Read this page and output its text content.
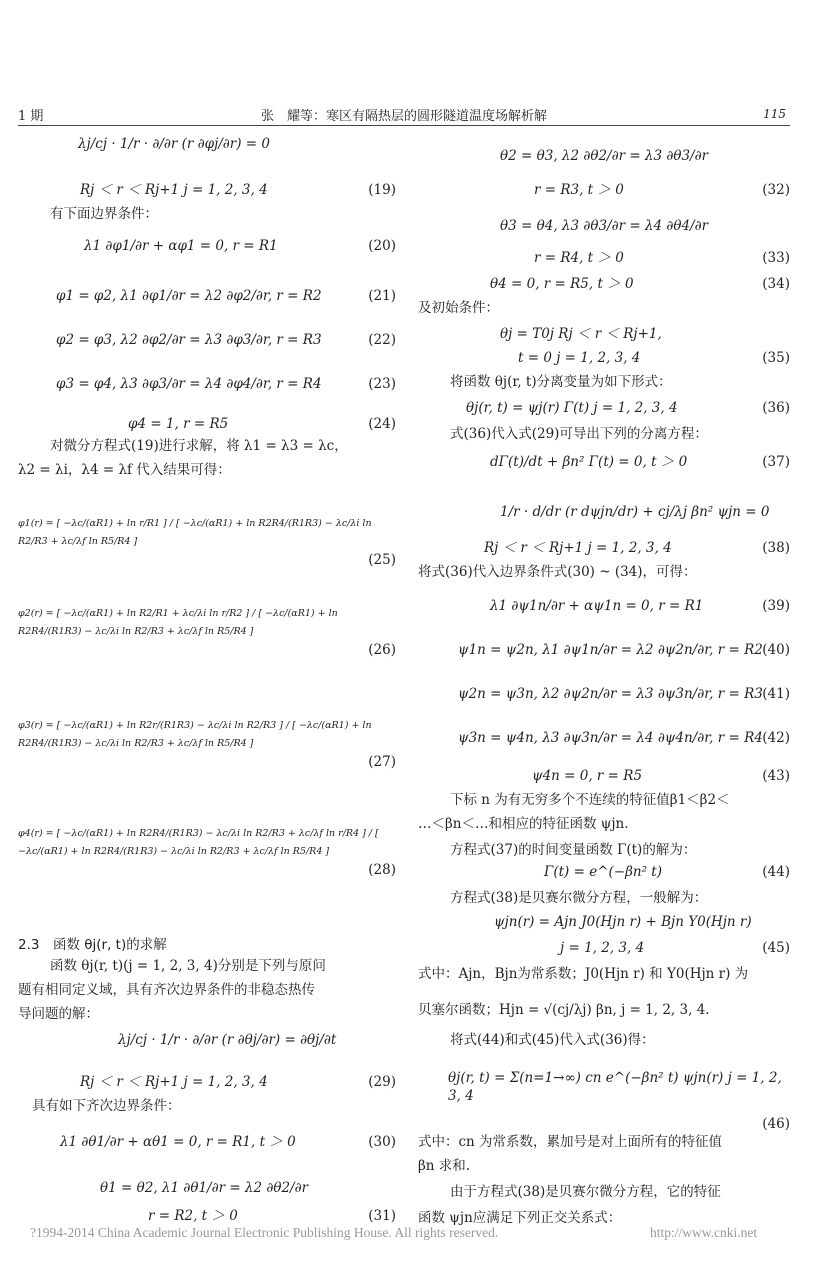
1 期	张　耀等：寒区有隔热层的圆形隧道温度场解析解	115
λj/cj · 1/r · ∂/∂r (r ∂φj/∂r) = 0
Rj ＜ r ＜ Rj+1 j = 1, 2, 3, 4	(19)
有下面边界条件：
λ1 ∂φ1/∂r + αφ1 = 0, r = R1	(20)
φ1 = φ2, λ1 ∂φ1/∂r = λ2 ∂φ2/∂r, r = R2	(21)
φ2 = φ3, λ2 ∂φ2/∂r = λ3 ∂φ3/∂r, r = R3	(22)
φ3 = φ4, λ3 ∂φ3/∂r = λ4 ∂φ4/∂r, r = R4	(23)
φ4 = 1, r = R5	(24)
对微分方程式(19)进行求解，将 λ1 = λ3 = λc，
λ2 = λi，λ4 = λf 代入结果可得：
φ1(r) = [ −λc/(αR1) + ln r/R1 ] / [ −λc/(αR1) + ln R2R4/(R1R3) − λc/λi ln R2/R3 + λc/λf ln R5/R4 ]
(25)
φ2(r) = [ −λc/(αR1) + ln R2/R1 + λc/λi ln r/R2 ] / [ −λc/(αR1) + ln R2R4/(R1R3) − λc/λi ln R2/R3 + λc/λf ln R5/R4 ]
(26)
φ3(r) = [ −λc/(αR1) + ln R2r/(R1R3) − λc/λi ln R2/R3 ] / [ −λc/(αR1) + ln R2R4/(R1R3) − λc/λi ln R2/R3 + λc/λf ln R5/R4 ]
(27)
φ4(r) = [ −λc/(αR1) + ln R2R4/(R1R3) − λc/λi ln R2/R3 + λc/λf ln r/R4 ] / [ −λc/(αR1) + ln R2R4/(R1R3) − λc/λi ln R2/R3 + λc/λf ln R5/R4 ]
(28)
2.3　函数 θj(r, t)的求解
函数 θj(r, t)(j = 1, 2, 3, 4)分别是下列与原问
题有相同定义域，具有齐次边界条件的非稳态热传
导问题的解：
λj/cj · 1/r · ∂/∂r (r ∂θj/∂r) = ∂θj/∂t
Rj ＜ r ＜ Rj+1 j = 1, 2, 3, 4	(29)
具有如下齐次边界条件：
λ1 ∂θ1/∂r + αθ1 = 0, r = R1, t ＞ 0	(30)
θ1 = θ2, λ1 ∂θ1/∂r = λ2 ∂θ2/∂r
r = R2, t ＞ 0	(31)
θ2 = θ3, λ2 ∂θ2/∂r = λ3 ∂θ3/∂r
r = R3, t ＞ 0	(32)
θ3 = θ4, λ3 ∂θ3/∂r = λ4 ∂θ4/∂r
r = R4, t ＞ 0	(33)
θ4 = 0, r = R5, t ＞ 0	(34)
及初始条件：
θj = T0j Rj ＜ r ＜ Rj+1,
t = 0 j = 1, 2, 3, 4	(35)
将函数 θj(r, t)分离变量为如下形式：
θj(r, t) = ψj(r) Γ(t) j = 1, 2, 3, 4	(36)
式(36)代入式(29)可导出下列的分离方程：
dΓ(t)/dt + βn² Γ(t) = 0, t ＞ 0	(37)
1/r · d/dr (r dψjn/dr) + cj/λj βn² ψjn = 0
Rj ＜ r ＜ Rj+1 j = 1, 2, 3, 4	(38)
将式(36)代入边界条件式(30) ~ (34)，可得：
λ1 ∂ψ1n/∂r + αψ1n = 0, r = R1	(39)
ψ1n = ψ2n, λ1 ∂ψ1n/∂r = λ2 ∂ψ2n/∂r, r = R2 (40)
ψ2n = ψ3n, λ2 ∂ψ2n/∂r = λ3 ∂ψ3n/∂r, r = R3 (41)
ψ3n = ψ4n, λ3 ∂ψ3n/∂r = λ4 ∂ψ4n/∂r, r = R4 (42)
ψ4n = 0, r = R5	(43)
下标 n 为有无穷多个不连续的特征值β1＜β2＜
…＜βn＜…和相应的特征函数 ψjn.
方程式(37)的时间变量函数 Γ(t)的解为：
Γ(t) = e^(−βn² t)	(44)
方程式(38)是贝赛尔微分方程，一般解为：
ψjn(r) = Ajn J0(Hjn r) + Bjn Y0(Hjn r)
j = 1, 2, 3, 4	(45)
式中：Ajn，Bjn为常系数；J0(Hjn r) 和 Y0(Hjn r) 为
贝塞尔函数；Hjn = √(cj/λj) βn, j = 1, 2, 3, 4.
将式(44)和式(45)代入式(36)得：
θj(r, t) = Σ(n=1→∞) cn e^(−βn² t) ψjn(r) j = 1, 2, 3, 4
(46)
式中：cn 为常系数，累加号是对上面所有的特征值
βn 求和.
由于方程式(38)是贝赛尔微分方程，它的特征
函数 ψjn应满足下列正交关系式：
?1994-2014 China Academic Journal Electronic Publishing House. All rights reserved.	http://www.cnki.net
